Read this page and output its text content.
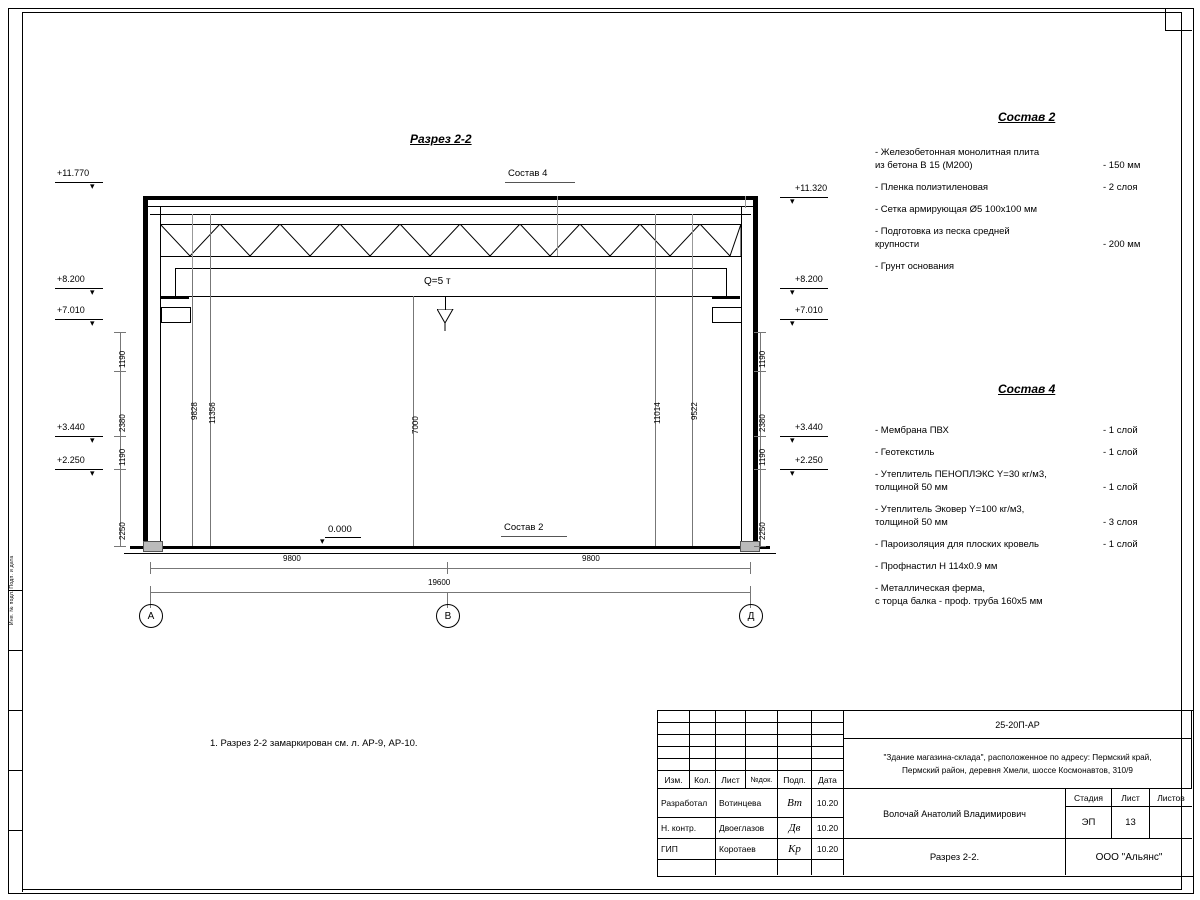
Инв. № подл. Подп. и дата
Разрез 2-2
Q=5 т
Состав 4
Состав 2
0.000
▾
+11.770
▾
+8.200
▾
+7.010
▾
+3.440
▾
+2.250
▾
+11.320
▾
+8.200
▾
+7.010
▾
+3.440
▾
+2.250
▾
1190
2380
1190
2250
9828 11356
7000
11014	9522
1190
2380
1190
2250
9800	9800
19600
А	В	Д
Состав 2
- Железобетонная монолитная плита
из бетона В 15 (М200)	- 150 мм
- Пленка полиэтиленовая	- 2 слоя
- Сетка армирующая Ø5 100х100 мм
- Подготовка из песка средней
крупности	- 200 мм
- Грунт основания
Состав 4
- Мембрана ПВХ	- 1 слой
- Геотекстиль	- 1 слой
- Утеплитель ПЕНОПЛЭКС Y=30 кг/м3,
толщиной 50 мм	- 1 слой
- Утеплитель Эковер Y=100 кг/м3,
толщиной 50 мм	- 3 слоя
- Пароизоляция для плоских кровель	- 1 слой
- Профнастил Н 114х0.9 мм
- Металлическая ферма,
с торца балка - проф. труба 160х5 мм
1. Разрез 2-2 замаркирован см. л. АР-9, АР-10.
Изм.	Кол.	Лист	№док.	Подп.	Дата
Разработал	Вотинцева	Вт	10.20
Н. контр.	Двоеглазов	Дв	10.20
ГИП	Коротаев	Кр	10.20
25-20П-АР
"Здание магазина-склада", расположенное по адресу: Пермский край,
Пермский район, деревня Хмели, шоссе Космонавтов, 310/9
Волочай Анатолий Владимирович
Разрез 2-2.
Стадия	Лист	Листов
ЭП	13
ООО "Альянс"
